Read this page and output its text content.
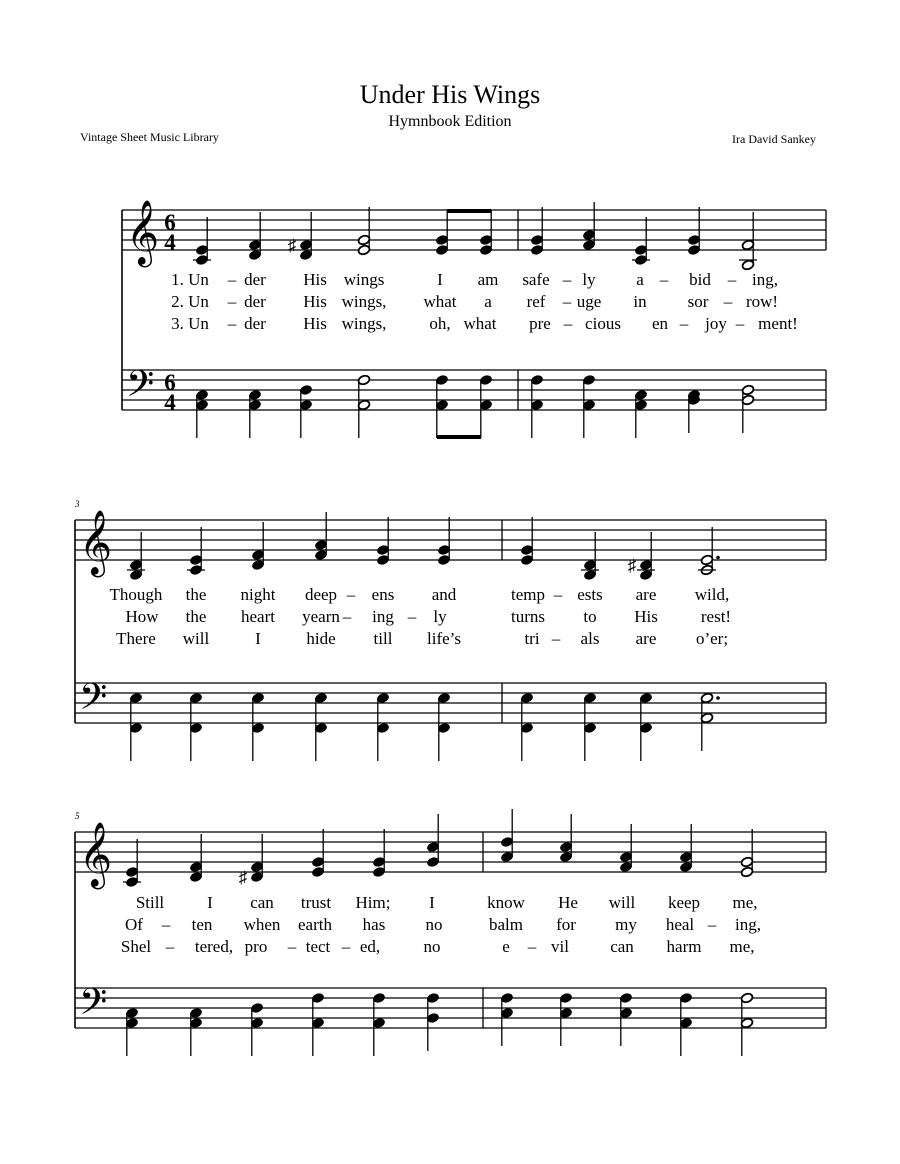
Under His Wings
Hymnbook Edition
Vintage Sheet Music Library	Ira David Sankey
𝄞
𝄢
6
4
6
4
♯
1. Un – der His wings	I am safe – ly a – bid – ing,
2. Un – der His wings, what a ref – uge in sor – row!
3. Un – der His wings,	oh, what pre – cious en – joy – ment!
𝄞
𝄢
3
♯
Though the night deep – ens and	temp – ests are wild,
How the heart yearn – ing – ly	turns to His	rest!
There will	I	hide till life’s	tri – als are o’er;
𝄞
𝄢
5
♯
Still	I can trust Him; I	know He will keep me,
Of – ten when earth has no	balm for my heal – ing,
Shel – tered, pro – tect – ed,	no	e – vil can harm me,
